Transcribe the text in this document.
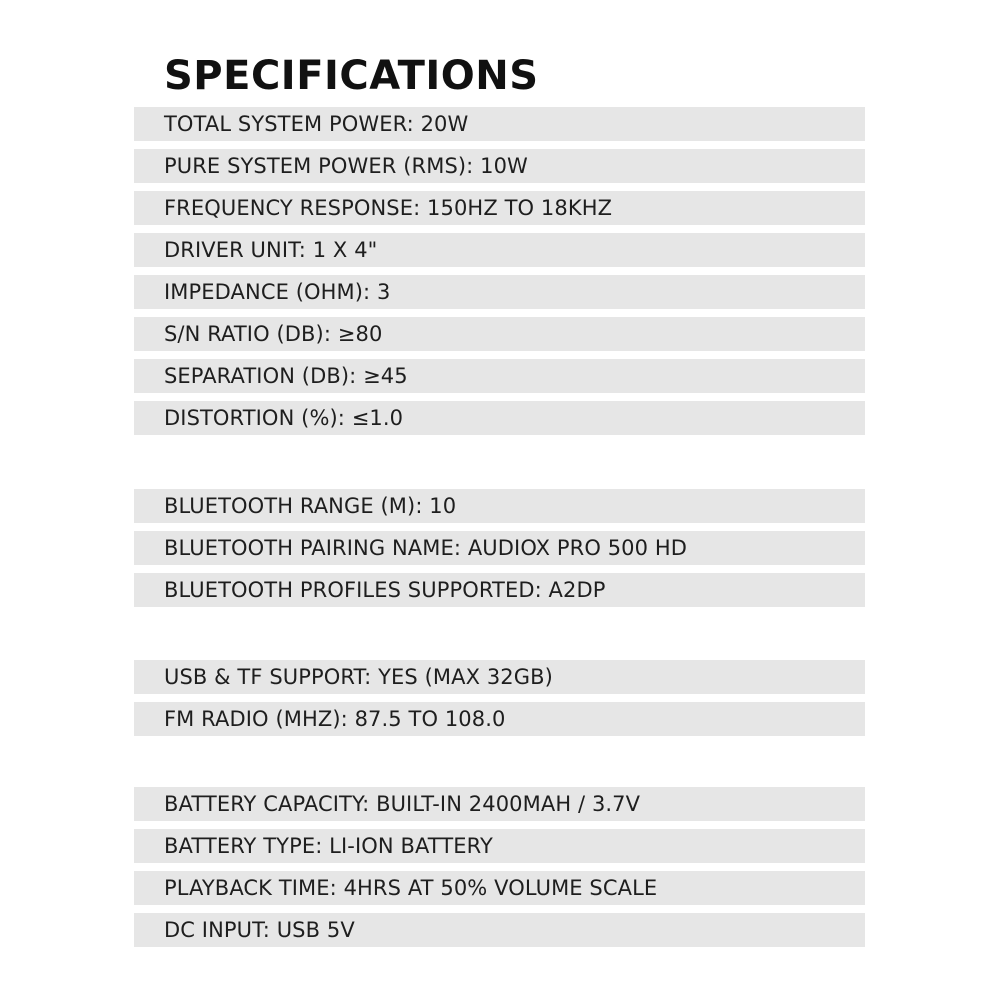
SPECIFICATIONS
TOTAL SYSTEM POWER: 20W
PURE SYSTEM POWER (RMS): 10W
FREQUENCY RESPONSE: 150HZ TO 18KHZ
DRIVER UNIT: 1 X 4"
IMPEDANCE (OHM): 3
S/N RATIO (DB): ≥80
SEPARATION (DB): ≥45
DISTORTION (%): ≤1.0
BLUETOOTH RANGE (M): 10
BLUETOOTH PAIRING NAME: AUDIOX PRO 500 HD
BLUETOOTH PROFILES SUPPORTED: A2DP
USB & TF SUPPORT: YES (MAX 32GB)
FM RADIO (MHZ): 87.5 TO 108.0
BATTERY CAPACITY: BUILT-IN 2400MAH / 3.7V
BATTERY TYPE: LI-ION BATTERY
PLAYBACK TIME: 4HRS AT 50% VOLUME SCALE
DC INPUT: USB 5V
